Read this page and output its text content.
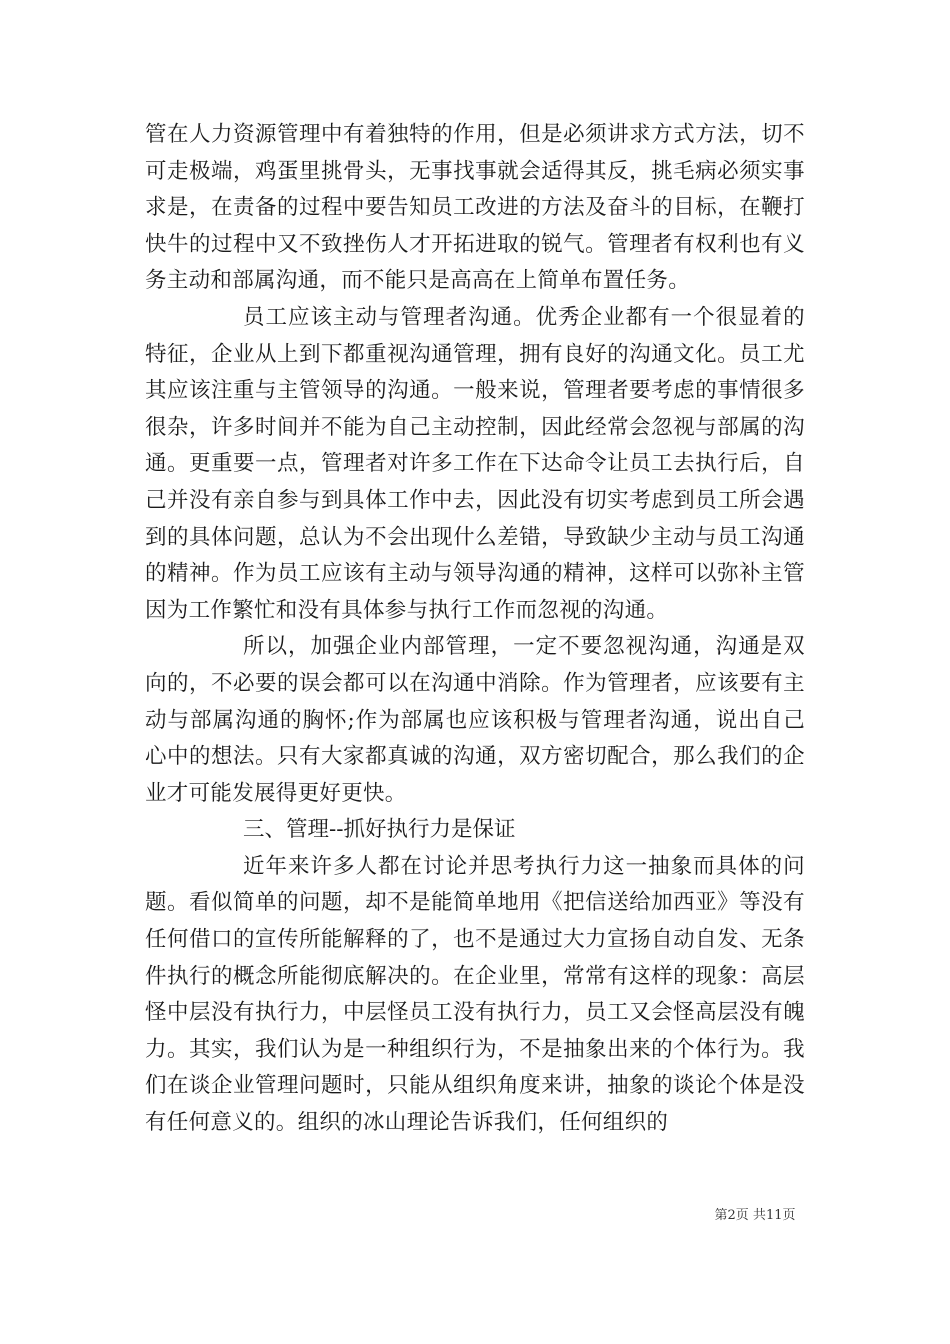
管在人力资源管理中有着独特的作用，但是必须讲求方式方法，切不可走极端，鸡蛋里挑骨头，无事找事就会适得其反，挑毛病必须实事求是，在责备的过程中要告知员工改进的方法及奋斗的目标，在鞭打快牛的过程中又不致挫伤人才开拓进取的锐气。管理者有权利也有义务主动和部属沟通，而不能只是高高在上简单布置任务。

员工应该主动与管理者沟通。优秀企业都有一个很显着的特征，企业从上到下都重视沟通管理，拥有良好的沟通文化。员工尤其应该注重与主管领导的沟通。一般来说，管理者要考虑的事情很多很杂，许多时间并不能为自己主动控制，因此经常会忽视与部属的沟通。更重要一点，管理者对许多工作在下达命令让员工去执行后，自己并没有亲自参与到具体工作中去，因此没有切实考虑到员工所会遇到的具体问题，总认为不会出现什么差错，导致缺少主动与员工沟通的精神。作为员工应该有主动与领导沟通的精神，这样可以弥补主管因为工作繁忙和没有具体参与执行工作而忽视的沟通。

所以，加强企业内部管理，一定不要忽视沟通，沟通是双向的，不必要的误会都可以在沟通中消除。作为管理者，应该要有主动与部属沟通的胸怀;作为部属也应该积极与管理者沟通，说出自己心中的想法。只有大家都真诚的沟通，双方密切配合，那么我们的企业才可能发展得更好更快。

三、管理--抓好执行力是保证

近年来许多人都在讨论并思考执行力这一抽象而具体的问题。看似简单的问题，却不是能简单地用《把信送给加西亚》等没有任何借口的宣传所能解释的了，也不是通过大力宣扬自动自发、无条件执行的概念所能彻底解决的。在企业里，常常有这样的现象：高层怪中层没有执行力，中层怪员工没有执行力，员工又会怪高层没有魄力。其实，我们认为是一种组织行为，不是抽象出来的个体行为。我们在谈企业管理问题时，只能从组织角度来讲，抽象的谈论个体是没有任何意义的。组织的冰山理论告诉我们，任何组织的

第2页 共11页
